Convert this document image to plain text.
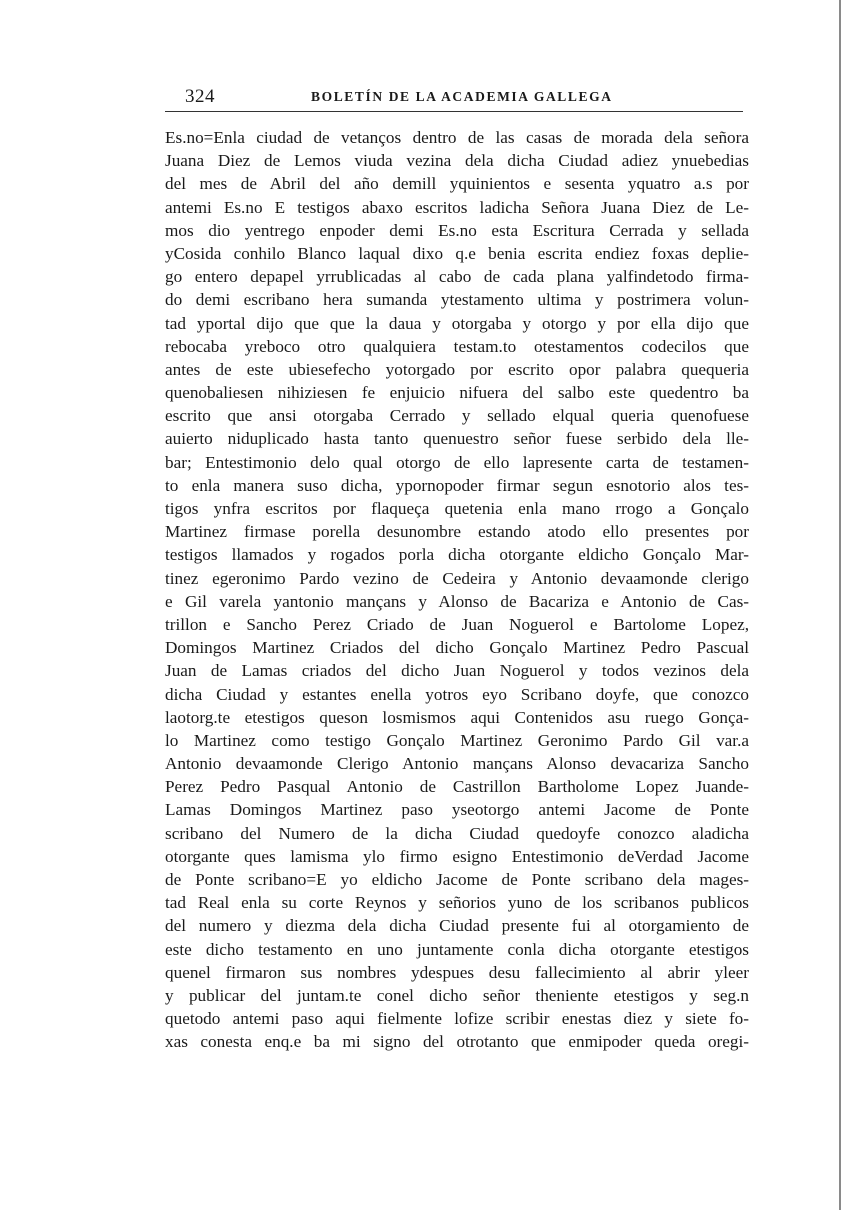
324	BOLETÍN DE LA ACADEMIA GALLEGA
Es.no=Enla ciudad de vetanços dentro de las casas de morada dela señora
Juana Diez de Lemos viuda vezina dela dicha Ciudad adiez ynuebedias
del mes de Abril del año demill yquinientos e sesenta yquatro a.s por
antemi Es.no E testigos abaxo escritos ladicha Señora Juana Diez de Le-
mos dio yentrego enpoder demi Es.no esta Escritura Cerrada y sellada
yCosida conhilo Blanco laqual dixo q.e benia escrita endiez foxas deplie-
go entero depapel yrrublicadas al cabo de cada plana yalfindetodo firma-
do demi escribano hera sumanda ytestamento ultima y postrimera volun-
tad yportal dijo que que la daua y otorgaba y otorgo y por ella dijo que
rebocaba yreboco otro qualquiera testam.to otestamentos codecilos que
antes de este ubiesefecho yotorgado por escrito opor palabra quequeria
quenobaliesen nihiziesen fe enjuicio nifuera del salbo este quedentro ba
escrito que ansi otorgaba Cerrado y sellado elqual queria quenofuese
auierto niduplicado hasta tanto quenuestro señor fuese serbido dela lle-
bar; Entestimonio delo qual otorgo de ello lapresente carta de testamen-
to enla manera suso dicha, ypornopoder firmar segun esnotorio alos tes-
tigos ynfra escritos por flaqueça quetenia enla mano rrogo a Gonçalo
Martinez firmase porella desunombre estando atodo ello presentes por
testigos llamados y rogados porla dicha otorgante eldicho Gonçalo Mar-
tinez egeronimo Pardo vezino de Cedeira y Antonio devaamonde clerigo
e Gil varela yantonio mançans y Alonso de Bacariza e Antonio de Cas-
trillon e Sancho Perez Criado de Juan Noguerol e Bartolome Lopez,
Domingos Martinez Criados del dicho Gonçalo Martinez Pedro Pascual
Juan de Lamas criados del dicho Juan Noguerol y todos vezinos dela
dicha Ciudad y estantes enella yotros eyo Scribano doyfe, que conozco
laotorg.te etestigos queson losmismos aqui Contenidos asu ruego Gonça-
lo Martinez como testigo Gonçalo Martinez Geronimo Pardo Gil var.a
Antonio devaamonde Clerigo Antonio mançans Alonso devacariza Sancho
Perez Pedro Pasqual Antonio de Castrillon Bartholome Lopez Juande-
Lamas Domingos Martinez paso yseotorgo antemi Jacome de Ponte
scribano del Numero de la dicha Ciudad quedoyfe conozco aladicha
otorgante ques lamisma ylo firmo esigno Entestimonio deVerdad Jacome
de Ponte scribano=E yo eldicho Jacome de Ponte scribano dela mages-
tad Real enla su corte Reynos y señorios yuno de los scribanos publicos
del numero y diezma dela dicha Ciudad presente fui al otorgamiento de
este dicho testamento en uno juntamente conla dicha otorgante etestigos
quenel firmaron sus nombres ydespues desu fallecimiento al abrir yleer
y publicar del juntam.te conel dicho señor theniente etestigos y seg.n
quetodo antemi paso aqui fielmente lofize scribir enestas diez y siete fo-
xas conesta enq.e ba mi signo del otrotanto que enmipoder queda oregi-
